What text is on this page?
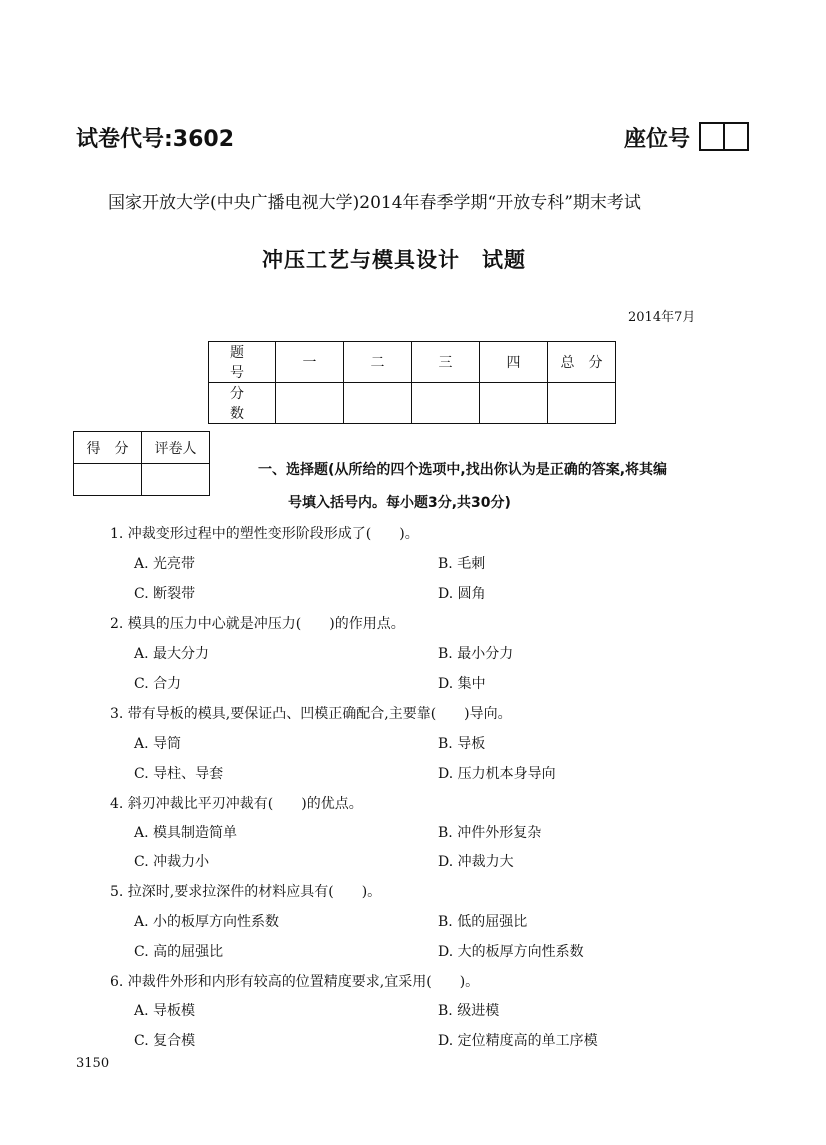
试卷代号:3602	座位号
国家开放大学(中央广播电视大学)2014年春季学期“开放专科”期末考试
冲压工艺与模具设计　试题
2014年7月
题　号	一	二	三	四	总　分
分　数					
得　分	评卷人

一、选择题(从所给的四个选项中,找出你认为是正确的答案,将其编
号填入括号内。每小题3分,共30分)
1. 冲裁变形过程中的塑性变形阶段形成了(　　)。
A. 光亮带	B. 毛刺
C. 断裂带	D. 圆角
2. 模具的压力中心就是冲压力(　　)的作用点。
A. 最大分力	B. 最小分力
C. 合力	D. 集中
3. 带有导板的模具,要保证凸、凹模正确配合,主要靠(　　)导向。
A. 导筒	B. 导板
C. 导柱、导套	D. 压力机本身导向
4. 斜刃冲裁比平刃冲裁有(　　)的优点。
A. 模具制造简单	B. 冲件外形复杂
C. 冲裁力小	D. 冲裁力大
5. 拉深时,要求拉深件的材料应具有(　　)。
A. 小的板厚方向性系数	B. 低的屈强比
C. 高的屈强比	D. 大的板厚方向性系数
6. 冲裁件外形和内形有较高的位置精度要求,宜采用(　　)。
A. 导板模	B. 级进模
C. 复合模	D. 定位精度高的单工序模
3150
